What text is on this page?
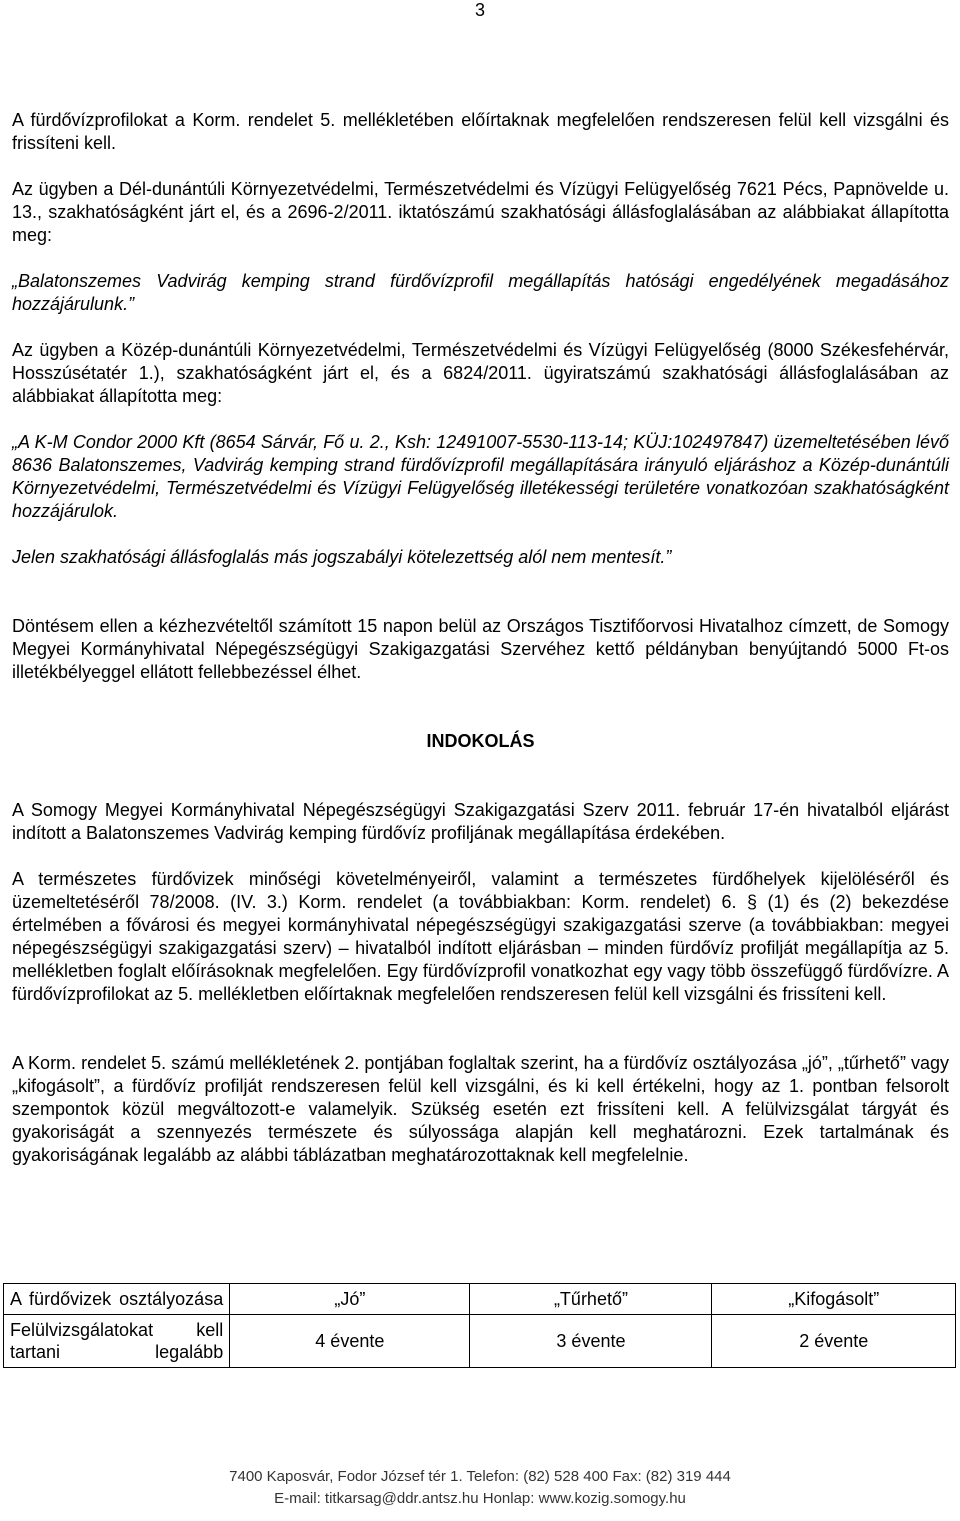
3

A fürdővízprofilokat a Korm. rendelet 5. mellékletében előírtaknak megfelelően rendszeresen felül kell vizsgálni és frissíteni kell.

Az ügyben a Dél-dunántúli Környezetvédelmi, Természetvédelmi és Vízügyi Felügyelőség 7621 Pécs, Papnövelde u. 13., szakhatóságként járt el, és a 2696-2/2011. iktatószámú szakhatósági állásfoglalásában az alábbiakat állapította meg:

„Balatonszemes Vadvirág kemping strand fürdővízprofil megállapítás hatósági engedélyének megadásához hozzájárulunk.”

Az ügyben a Közép-dunántúli Környezetvédelmi, Természetvédelmi és Vízügyi Felügyelőség (8000 Székesfehérvár, Hosszúsétatér 1.), szakhatóságként járt el, és a 6824/2011. ügyiratszámú szakhatósági állásfoglalásában az alábbiakat állapította meg:

„A K-M Condor 2000 Kft (8654 Sárvár, Fő u. 2., Ksh: 12491007-5530-113-14; KÜJ:102497847) üzemeltetésében lévő 8636 Balatonszemes, Vadvirág kemping strand fürdővízprofil megállapítására irányuló eljáráshoz a Közép-dunántúli Környezetvédelmi, Természetvédelmi és Vízügyi Felügyelőség illetékességi területére vonatkozóan szakhatóságként hozzájárulok.

Jelen szakhatósági állásfoglalás más jogszabályi kötelezettség alól nem mentesít.”

Döntésem ellen a kézhezvételtől számított 15 napon belül az Országos Tisztifőorvosi Hivatalhoz címzett, de Somogy Megyei Kormányhivatal Népegészségügyi Szakigazgatási Szervéhez kettő példányban benyújtandó 5000 Ft-os illetékbélyeggel ellátott fellebbezéssel élhet.

INDOKOLÁS

A Somogy Megyei Kormányhivatal Népegészségügyi Szakigazgatási Szerv 2011. február 17-én hivatalból eljárást indított a Balatonszemes Vadvirág kemping fürdővíz profiljának megállapítása érdekében.

A természetes fürdővizek minőségi követelményeiről, valamint a természetes fürdőhelyek kijelöléséről és üzemeltetéséről 78/2008. (IV. 3.) Korm. rendelet (a továbbiakban: Korm. rendelet) 6. § (1) és (2) bekezdése értelmében a fővárosi és megyei kormányhivatal népegészségügyi szakigazgatási szerve (a továbbiakban: megyei népegészségügyi szakigazgatási szerv) – hivatalból indított eljárásban – minden fürdővíz profilját megállapítja az 5. mellékletben foglalt előírásoknak megfelelően. Egy fürdővízprofil vonatkozhat egy vagy több összefüggő fürdővízre. A fürdővízprofilokat az 5. mellékletben előírtaknak megfelelően rendszeresen felül kell vizsgálni és frissíteni kell.

A Korm. rendelet 5. számú mellékletének 2. pontjában foglaltak szerint, ha a fürdővíz osztályozása „jó”, „tűrhető” vagy „kifogásolt”, a fürdővíz profilját rendszeresen felül kell vizsgálni, és ki kell értékelni, hogy az 1. pontban felsorolt szempontok közül megváltozott-e valamelyik. Szükség esetén ezt frissíteni kell. A felülvizsgálat tárgyát és gyakoriságát a szennyezés természete és súlyossága alapján kell meghatározni. Ezek tartalmának és gyakoriságának legalább az alábbi táblázatban meghatározottaknak kell megfelelnie.

A fürdővizek osztályozása	„Jó”	„Tűrhető”	„Kifogásolt”
Felülvizsgálatokat kell tartani legalább	4 évente	3 évente	2 évente
7400 Kaposvár, Fodor József tér 1. Telefon: (82) 528 400 Fax: (82) 319 444
E-mail: titkarsag@ddr.antsz.hu Honlap: www.kozig.somogy.hu
